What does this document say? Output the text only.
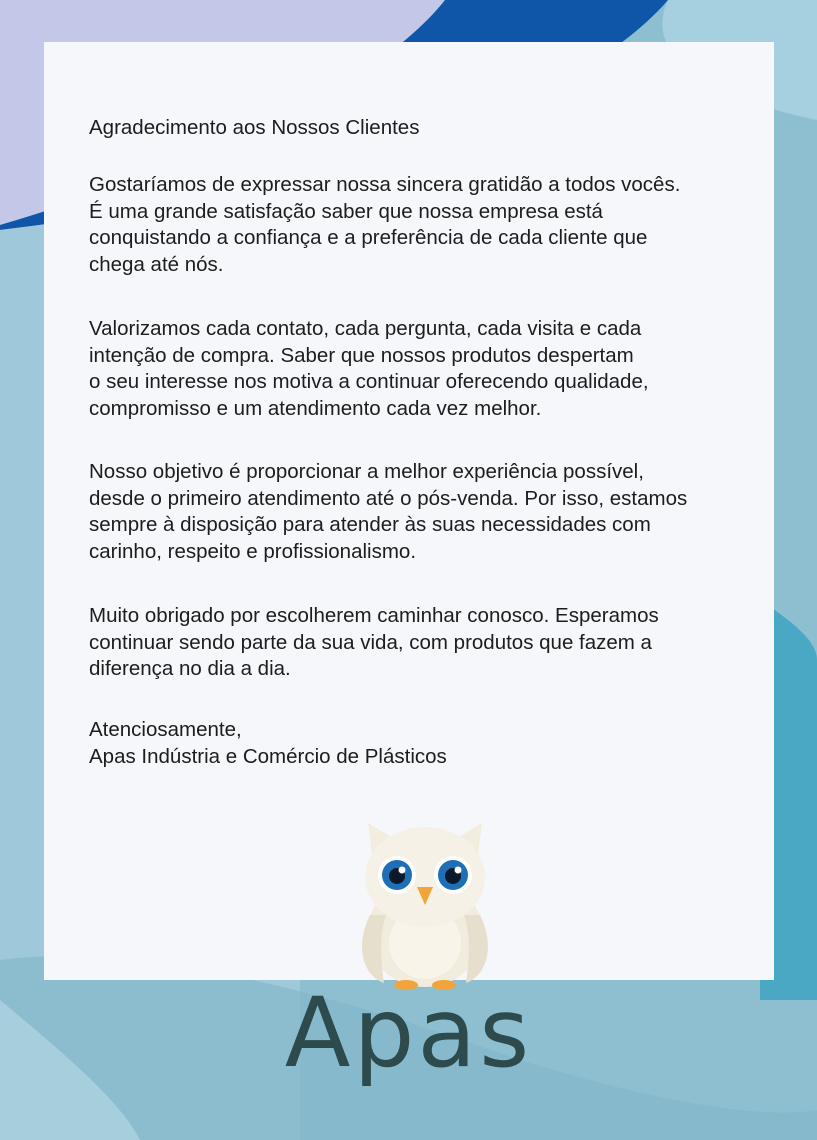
Agradecimento aos Nossos Clientes
Gostaríamos de expressar nossa sincera gratidão a todos vocês.
É uma grande satisfação saber que nossa empresa está
conquistando a confiança e a preferência de cada cliente que
chega até nós.
Valorizamos cada contato, cada pergunta, cada visita e cada
intenção de compra. Saber que nossos produtos despertam
o seu interesse nos motiva a continuar oferecendo qualidade,
compromisso e um atendimento cada vez melhor.
Nosso objetivo é proporcionar a melhor experiência possível,
desde o primeiro atendimento até o pós-venda. Por isso, estamos
sempre à disposição para atender às suas necessidades com
carinho, respeito e profissionalismo.
Muito obrigado por escolherem caminhar conosco. Esperamos
continuar sendo parte da sua vida, com produtos que fazem a
diferença no dia a dia.
Atenciosamente,
Apas Indústria e Comércio de Plásticos
Apas
